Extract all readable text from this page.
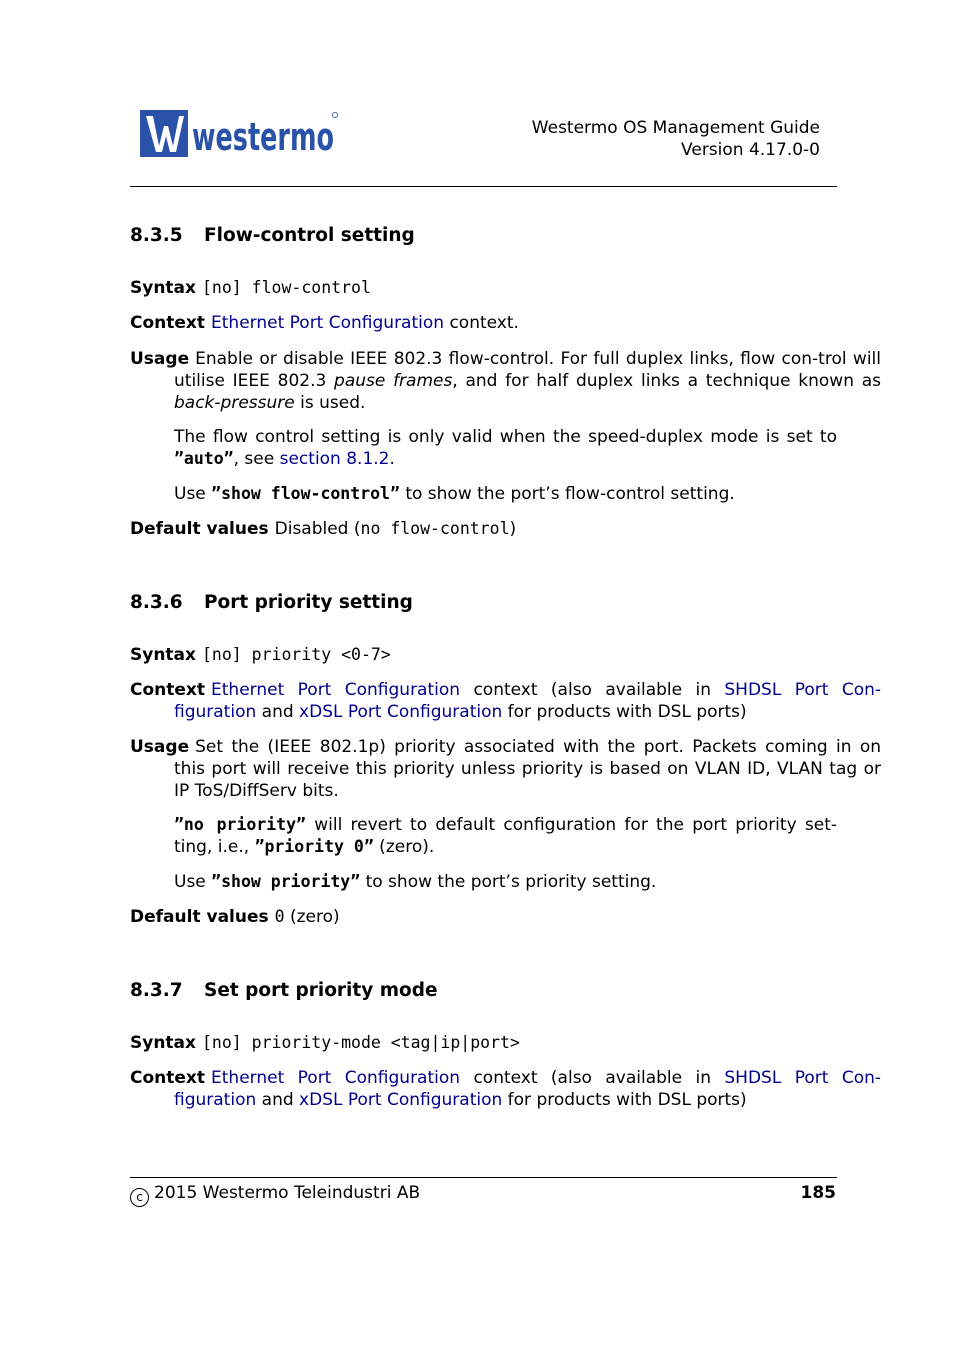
westermo	Westermo OS Management Guide
Version 4.17.0-0
8.3.5 Flow-control setting
Syntax [no] flow-control
Context Ethernet Port Configuration context.
Usage Enable or disable IEEE 802.3 flow-control. For full duplex links, flow con-trol will utilise IEEE 802.3 pause frames, and for half duplex links a technique known as back-pressure is used.
The flow control setting is only valid when the speed-duplex mode is set to ”auto”, see section 8.1.2.
Use ”show flow-control” to show the port’s flow-control setting.
Default values Disabled (no flow-control)
8.3.6 Port priority setting
Syntax [no] priority <0-7>
Context Ethernet Port Configuration context (also available in SHDSL Port Con-figuration and xDSL Port Configuration for products with DSL ports)
Usage Set the (IEEE 802.1p) priority associated with the port. Packets coming in on this port will receive this priority unless priority is based on VLAN ID, VLAN tag or IP ToS/DiffServ bits.
”no priority” will revert to default configuration for the port priority set-ting, i.e., ”priority 0” (zero).
Use ”show priority” to show the port’s priority setting.
Default values 0 (zero)
8.3.7 Set port priority mode
Syntax [no] priority-mode <tag|ip|port>
Context Ethernet Port Configuration context (also available in SHDSL Port Con-figuration and xDSL Port Configuration for products with DSL ports)
c 2015 Westermo Teleindustri AB	185
